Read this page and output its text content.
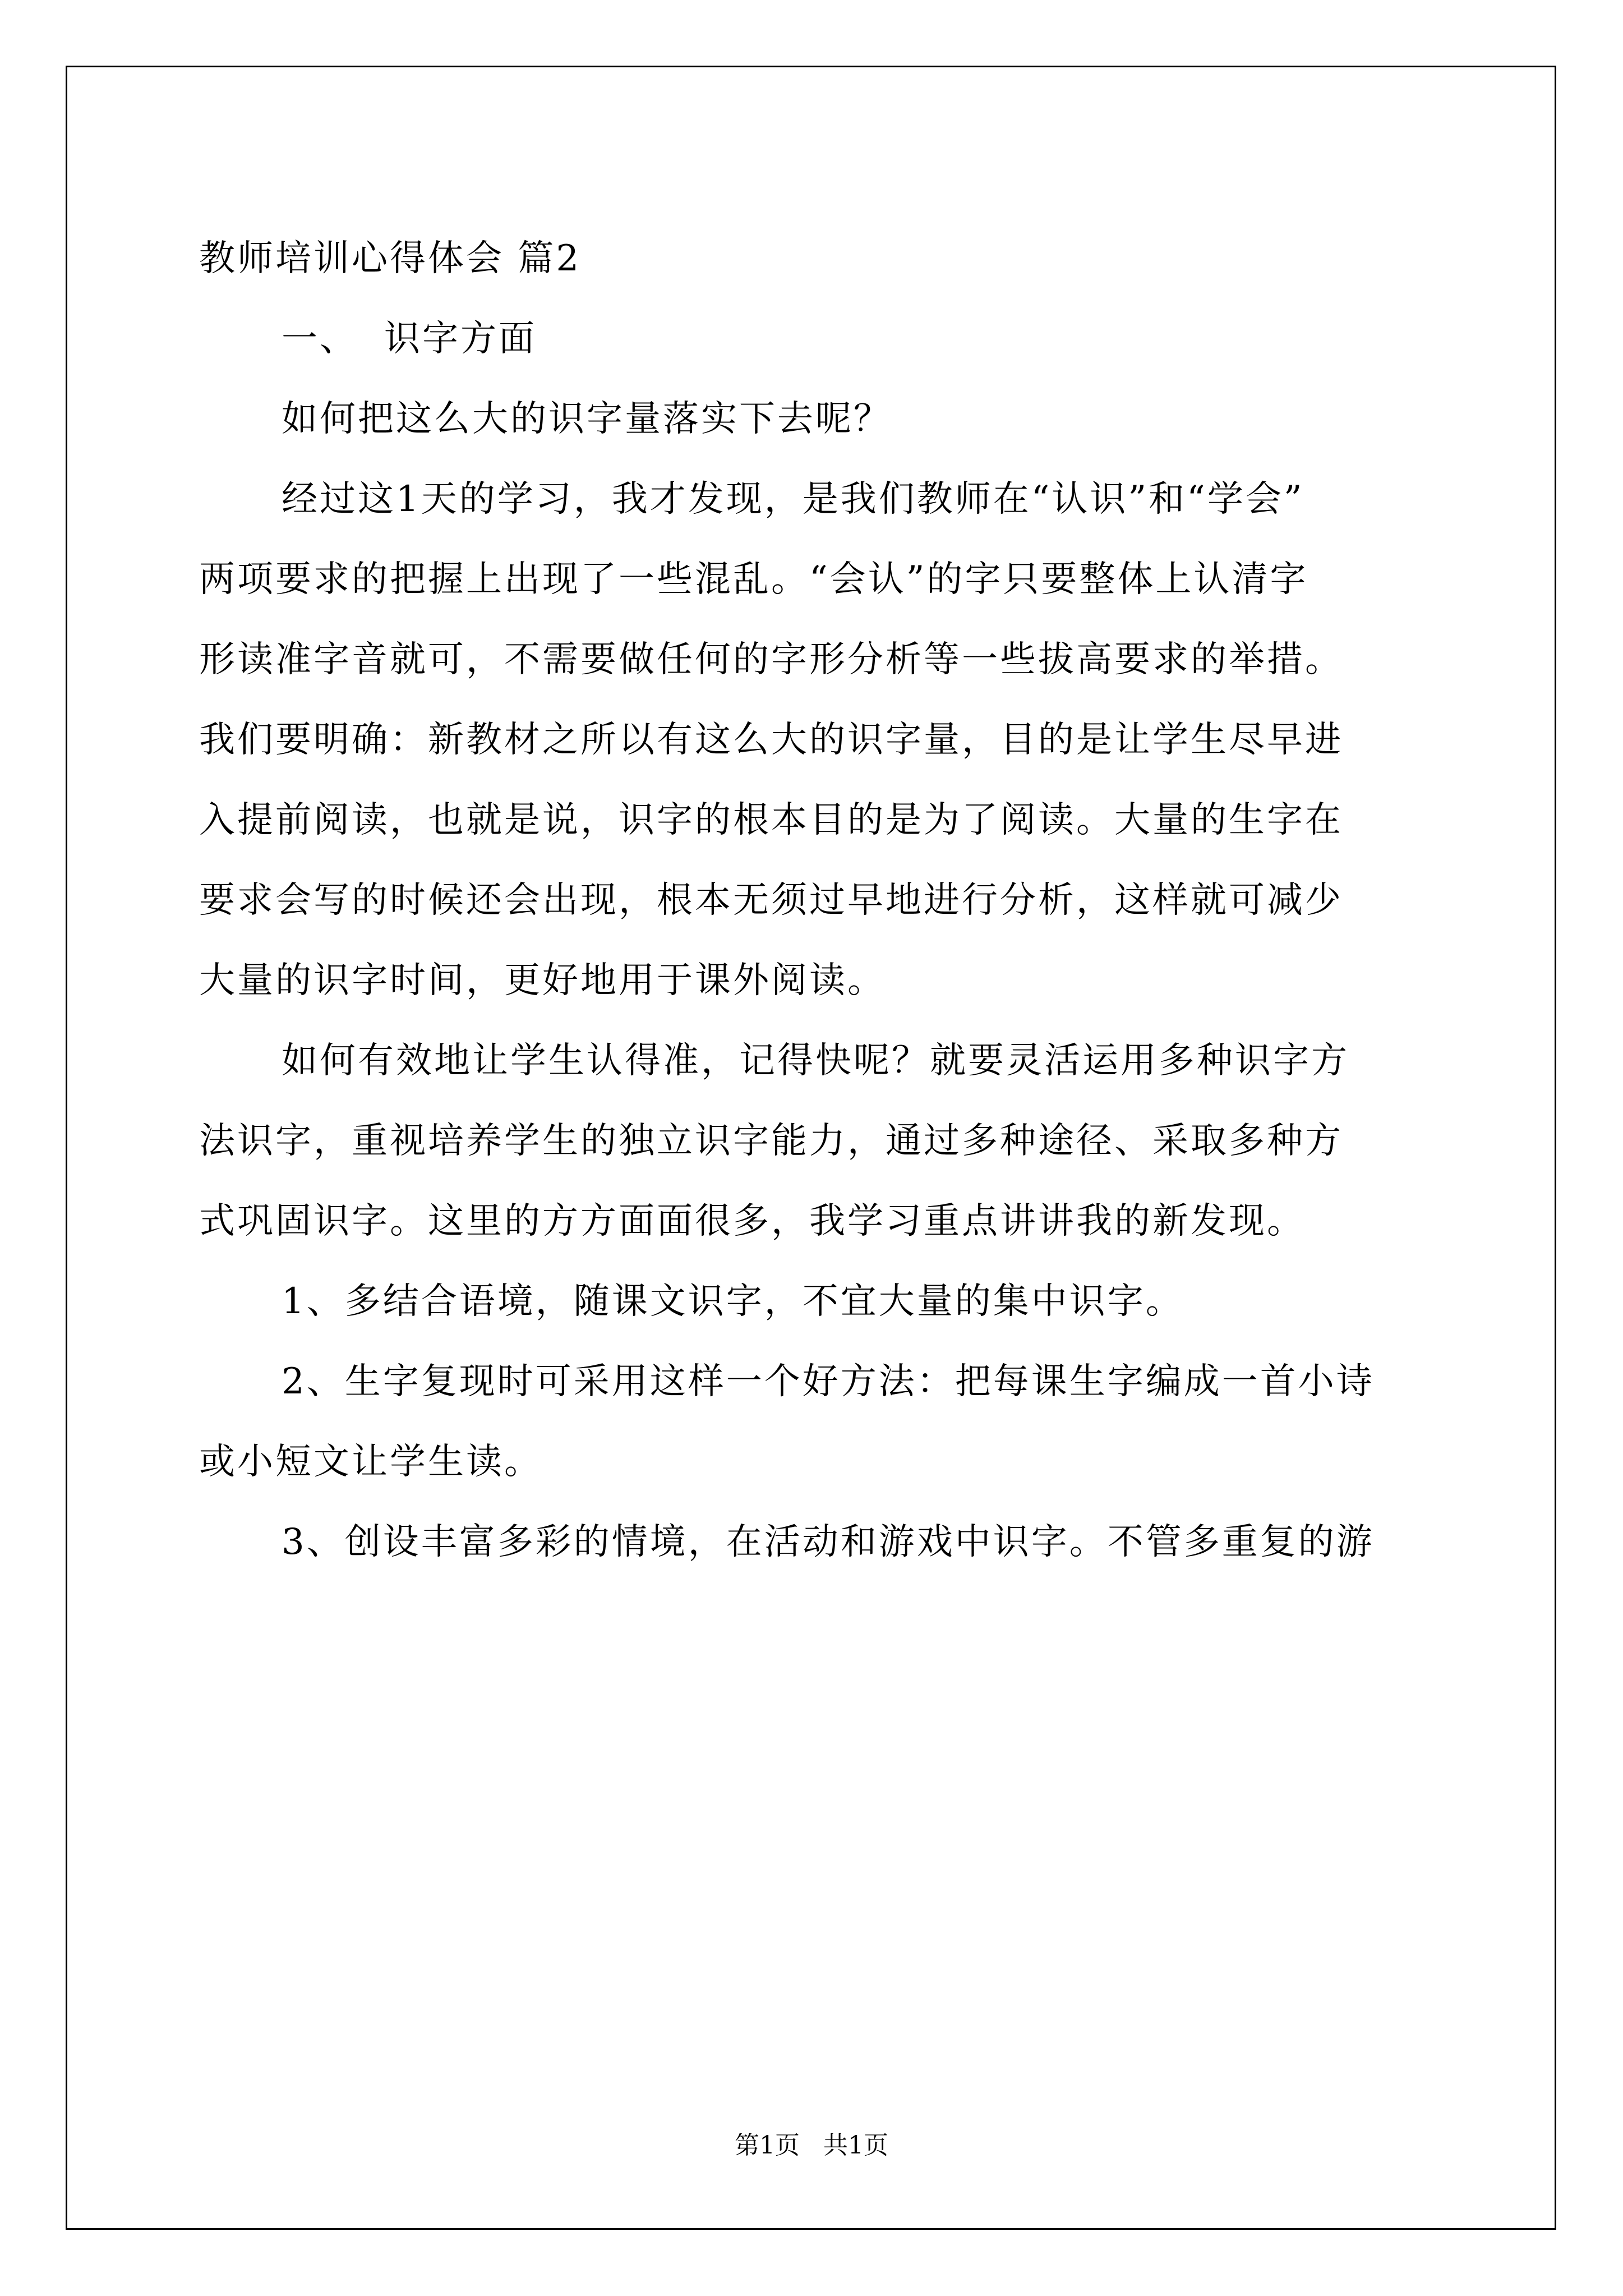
教师培训心得体会 篇2
一、 识字方面
如何把这么大的识字量落实下去呢？
经过这1天的学习，我才发现，是我们教师在“认识”和“学会”
两项要求的把握上出现了一些混乱。“会认”的字只要整体上认清字
形读准字音就可，不需要做任何的字形分析等一些拔高要求的举措。
我们要明确：新教材之所以有这么大的识字量，目的是让学生尽早进
入提前阅读，也就是说，识字的根本目的是为了阅读。大量的生字在
要求会写的时候还会出现，根本无须过早地进行分析，这样就可减少
大量的识字时间，更好地用于课外阅读。
如何有效地让学生认得准，记得快呢？就要灵活运用多种识字方
法识字，重视培养学生的独立识字能力，通过多种途径、采取多种方
式巩固识字。这里的方方面面很多，我学习重点讲讲我的新发现。
1、多结合语境，随课文识字，不宜大量的集中识字。
2、生字复现时可采用这样一个好方法：把每课生字编成一首小诗
或小短文让学生读。
3、创设丰富多彩的情境，在活动和游戏中识字。不管多重复的游
第1页   共1页
